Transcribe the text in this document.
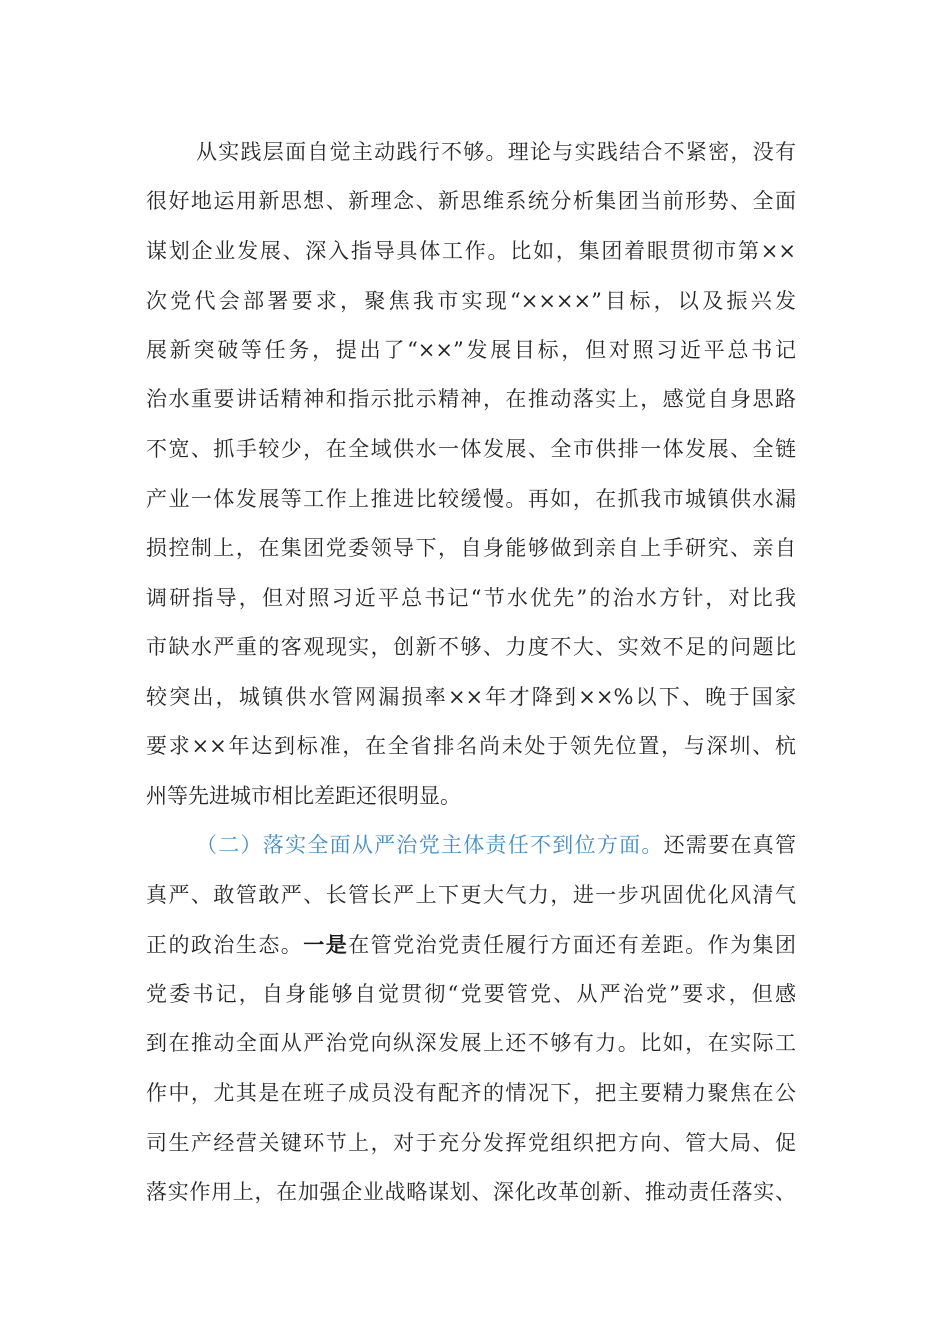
从实践层面自觉主动践行不够。理论与实践结合不紧密，没有
很好地运用新思想、新理念、新思维系统分析集团当前形势、全面
谋划企业发展、深入指导具体工作。比如，集团着眼贯彻市第××
次党代会部署要求，聚焦我市实现“××××”目标，以及振兴发
展新突破等任务，提出了“××”发展目标，但对照习近平总书记
治水重要讲话精神和指示批示精神，在推动落实上，感觉自身思路
不宽、抓手较少，在全域供水一体发展、全市供排一体发展、全链
产业一体发展等工作上推进比较缓慢。再如，在抓我市城镇供水漏
损控制上，在集团党委领导下，自身能够做到亲自上手研究、亲自
调研指导，但对照习近平总书记“节水优先”的治水方针，对比我
市缺水严重的客观现实，创新不够、力度不大、实效不足的问题比
较突出，城镇供水管网漏损率××年才降到××%以下、晚于国家
要求××年达到标准，在全省排名尚未处于领先位置，与深圳、杭
州等先进城市相比差距还很明显。
（二）落实全面从严治党主体责任不到位方面。还需要在真管
真严、敢管敢严、长管长严上下更大气力，进一步巩固优化风清气
正的政治生态。一是在管党治党责任履行方面还有差距。作为集团
党委书记，自身能够自觉贯彻“党要管党、从严治党”要求，但感
到在推动全面从严治党向纵深发展上还不够有力。比如，在实际工
作中，尤其是在班子成员没有配齐的情况下，把主要精力聚焦在公
司生产经营关键环节上，对于充分发挥党组织把方向、管大局、促
落实作用上，在加强企业战略谋划、深化改革创新、推动责任落实、
